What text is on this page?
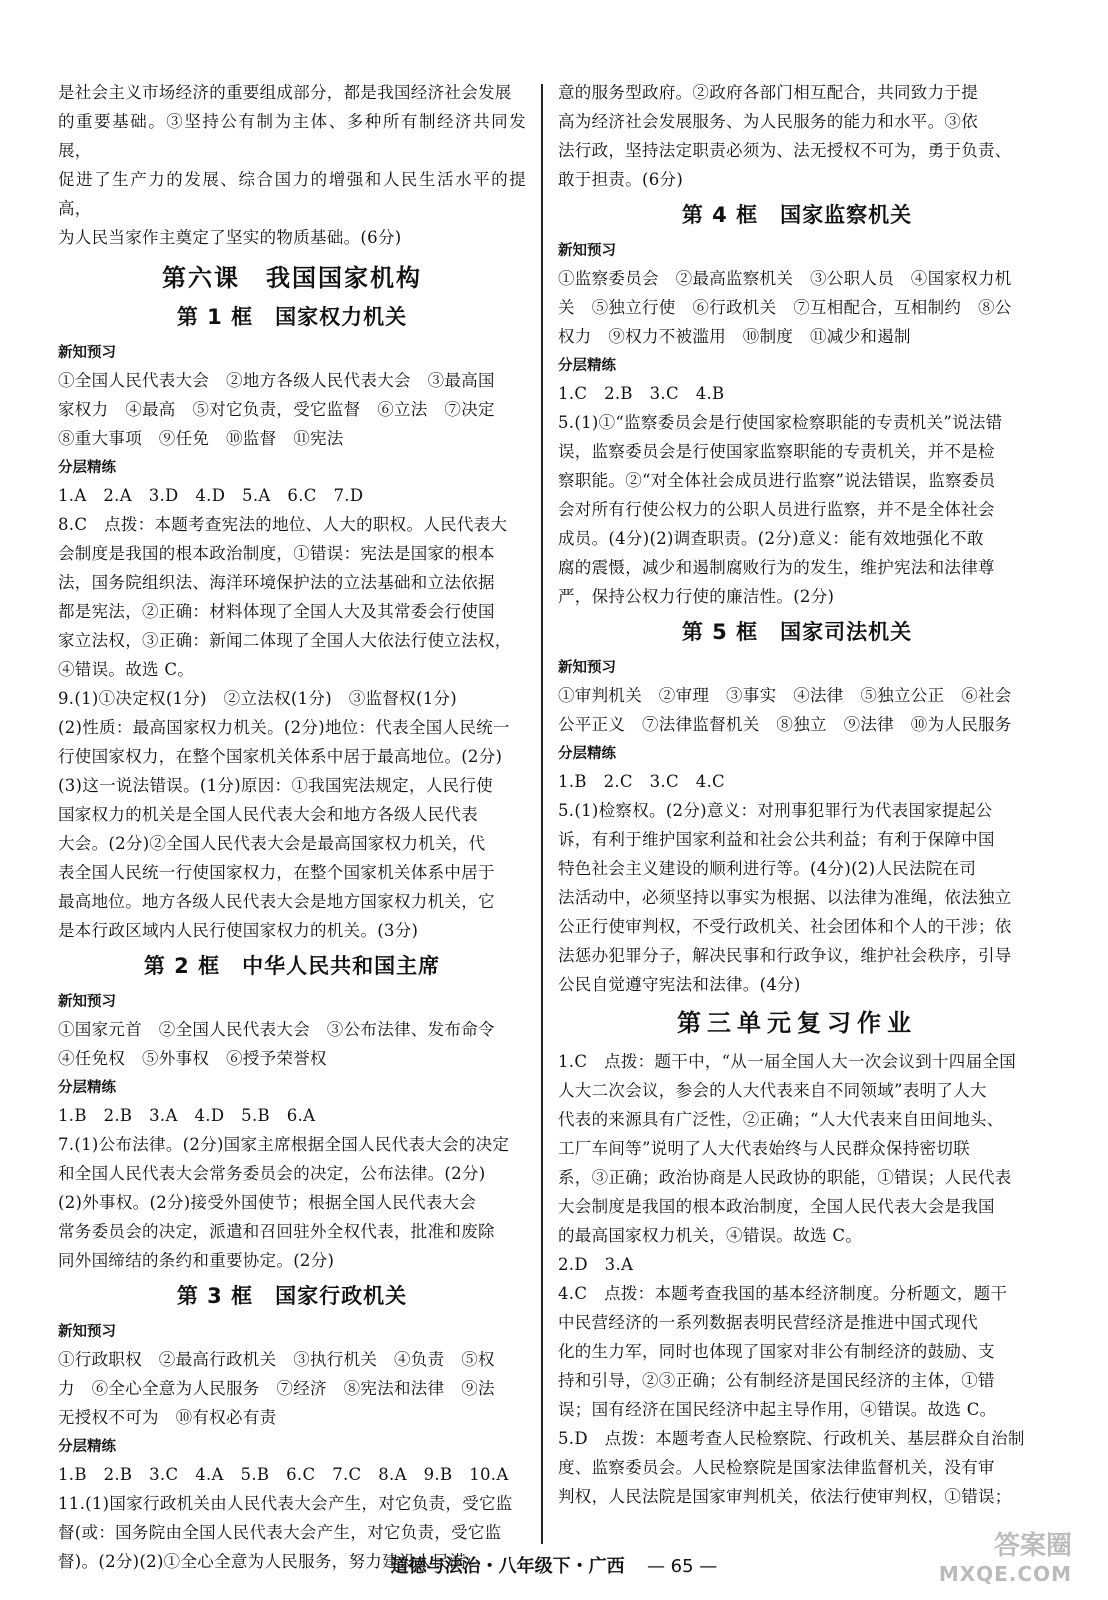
是社会主义市场经济的重要组成部分，都是我国经济社会发展

的重要基础。③坚持公有制为主体、多种所有制经济共同发展，

促进了生产力的发展、综合国力的增强和人民生活水平的提高，

为人民当家作主奠定了坚实的物质基础。(6分)

第六课　我国国家机构
第 1 框　国家权力机关
新知预习

①全国人民代表大会　②地方各级人民代表大会　③最高国

家权力　④最高　⑤对它负责，受它监督　⑥立法　⑦决定

⑧重大事项　⑨任免　⑩监督　⑪宪法

分层精练

1.A　2.A　3.D　4.D　5.A　6.C　7.D

8.C　点拨：本题考查宪法的地位、人大的职权。人民代表大

会制度是我国的根本政治制度，①错误：宪法是国家的根本

法，国务院组织法、海洋环境保护法的立法基础和立法依据

都是宪法，②正确：材料体现了全国人大及其常委会行使国

家立法权，③正确：新闻二体现了全国人大依法行使立法权，

④错误。故选 C。

9.(1)①决定权(1分)　②立法权(1分)　③监督权(1分)

(2)性质：最高国家权力机关。(2分)地位：代表全国人民统一

行使国家权力，在整个国家机关体系中居于最高地位。(2分)

(3)这一说法错误。(1分)原因：①我国宪法规定，人民行使

国家权力的机关是全国人民代表大会和地方各级人民代表

大会。(2分)②全国人民代表大会是最高国家权力机关，代

表全国人民统一行使国家权力，在整个国家机关体系中居于

最高地位。地方各级人民代表大会是地方国家权力机关，它

是本行政区域内人民行使国家权力的机关。(3分)

第 2 框　中华人民共和国主席
新知预习

①国家元首　②全国人民代表大会　③公布法律、发布命令

④任免权　⑤外事权　⑥授予荣誉权

分层精练

1.B　2.B　3.A　4.D　5.B　6.A

7.(1)公布法律。(2分)国家主席根据全国人民代表大会的决定

和全国人民代表大会常务委员会的决定，公布法律。(2分)

(2)外事权。(2分)接受外国使节；根据全国人民代表大会

常务委员会的决定，派遣和召回驻外全权代表，批准和废除

同外国缔结的条约和重要协定。(2分)

第 3 框　国家行政机关
新知预习

①行政职权　②最高行政机关　③执行机关　④负责　⑤权

力　⑥全心全意为人民服务　⑦经济　⑧宪法和法律　⑨法

无授权不可为　⑩有权必有责

分层精练

1.B　2.B　3.C　4.A　5.B　6.C　7.C　8.A　9.B　10.A

11.(1)国家行政机关由人民代表大会产生，对它负责，受它监

督(或：国务院由全国人民代表大会产生，对它负责，受它监

督)。(2分)(2)①全心全意为人民服务，努力建设人民满

意的服务型政府。②政府各部门相互配合，共同致力于提

高为经济社会发展服务、为人民服务的能力和水平。③依

法行政，坚持法定职责必须为、法无授权不可为，勇于负责、

敢于担责。(6分)

第 4 框　国家监察机关
新知预习

①监察委员会　②最高监察机关　③公职人员　④国家权力机

关　⑤独立行使　⑥行政机关　⑦互相配合，互相制约　⑧公

权力　⑨权力不被滥用　⑩制度　⑪减少和遏制

分层精练

1.C　2.B　3.C　4.B

5.(1)①“监察委员会是行使国家检察职能的专责机关”说法错

误，监察委员会是行使国家监察职能的专责机关，并不是检

察职能。②“对全体社会成员进行监察”说法错误，监察委员

会对所有行使公权力的公职人员进行监察，并不是全体社会

成员。(4分)(2)调查职责。(2分)意义：能有效地强化不敢

腐的震慑，减少和遏制腐败行为的发生，维护宪法和法律尊

严，保持公权力行使的廉洁性。(2分)

第 5 框　国家司法机关
新知预习

①审判机关　②审理　③事实　④法律　⑤独立公正　⑥社会

公平正义　⑦法律监督机关　⑧独立　⑨法律　⑩为人民服务

分层精练

1.B　2.C　3.C　4.C

5.(1)检察权。(2分)意义：对刑事犯罪行为代表国家提起公

诉，有利于维护国家利益和社会公共利益；有利于保障中国

特色社会主义建设的顺利进行等。(4分)(2)人民法院在司

法活动中，必须坚持以事实为根据、以法律为准绳，依法独立

公正行使审判权，不受行政机关、社会团体和个人的干涉；依

法惩办犯罪分子，解决民事和行政争议，维护社会秩序，引导

公民自觉遵守宪法和法律。(4分)

第三单元复习作业

1.C　点拨：题干中，“从一届全国人大一次会议到十四届全国

人大二次会议，参会的人大代表来自不同领域”表明了人大

代表的来源具有广泛性，②正确；“人大代表来自田间地头、

工厂车间等”说明了人大代表始终与人民群众保持密切联

系，③正确；政治协商是人民政协的职能，①错误；人民代表

大会制度是我国的根本政治制度，全国人民代表大会是我国

的最高国家权力机关，④错误。故选 C。

2.D　3.A

4.C　点拨：本题考查我国的基本经济制度。分析题文，题干

中民营经济的一系列数据表明民营经济是推进中国式现代

化的生力军，同时也体现了国家对非公有制经济的鼓励、支

持和引导，②③正确；公有制经济是国民经济的主体，①错

误；国有经济在国民经济中起主导作用，④错误。故选 C。

5.D　点拨：本题考查人民检察院、行政机关、基层群众自治制

度、监察委员会。人民检察院是国家法律监督机关，没有审

判权，人民法院是国家审判机关，依法行使审判权，①错误；

道德与法治・八年级下・广西 — 65 —
答案圈
MXQE.COM
